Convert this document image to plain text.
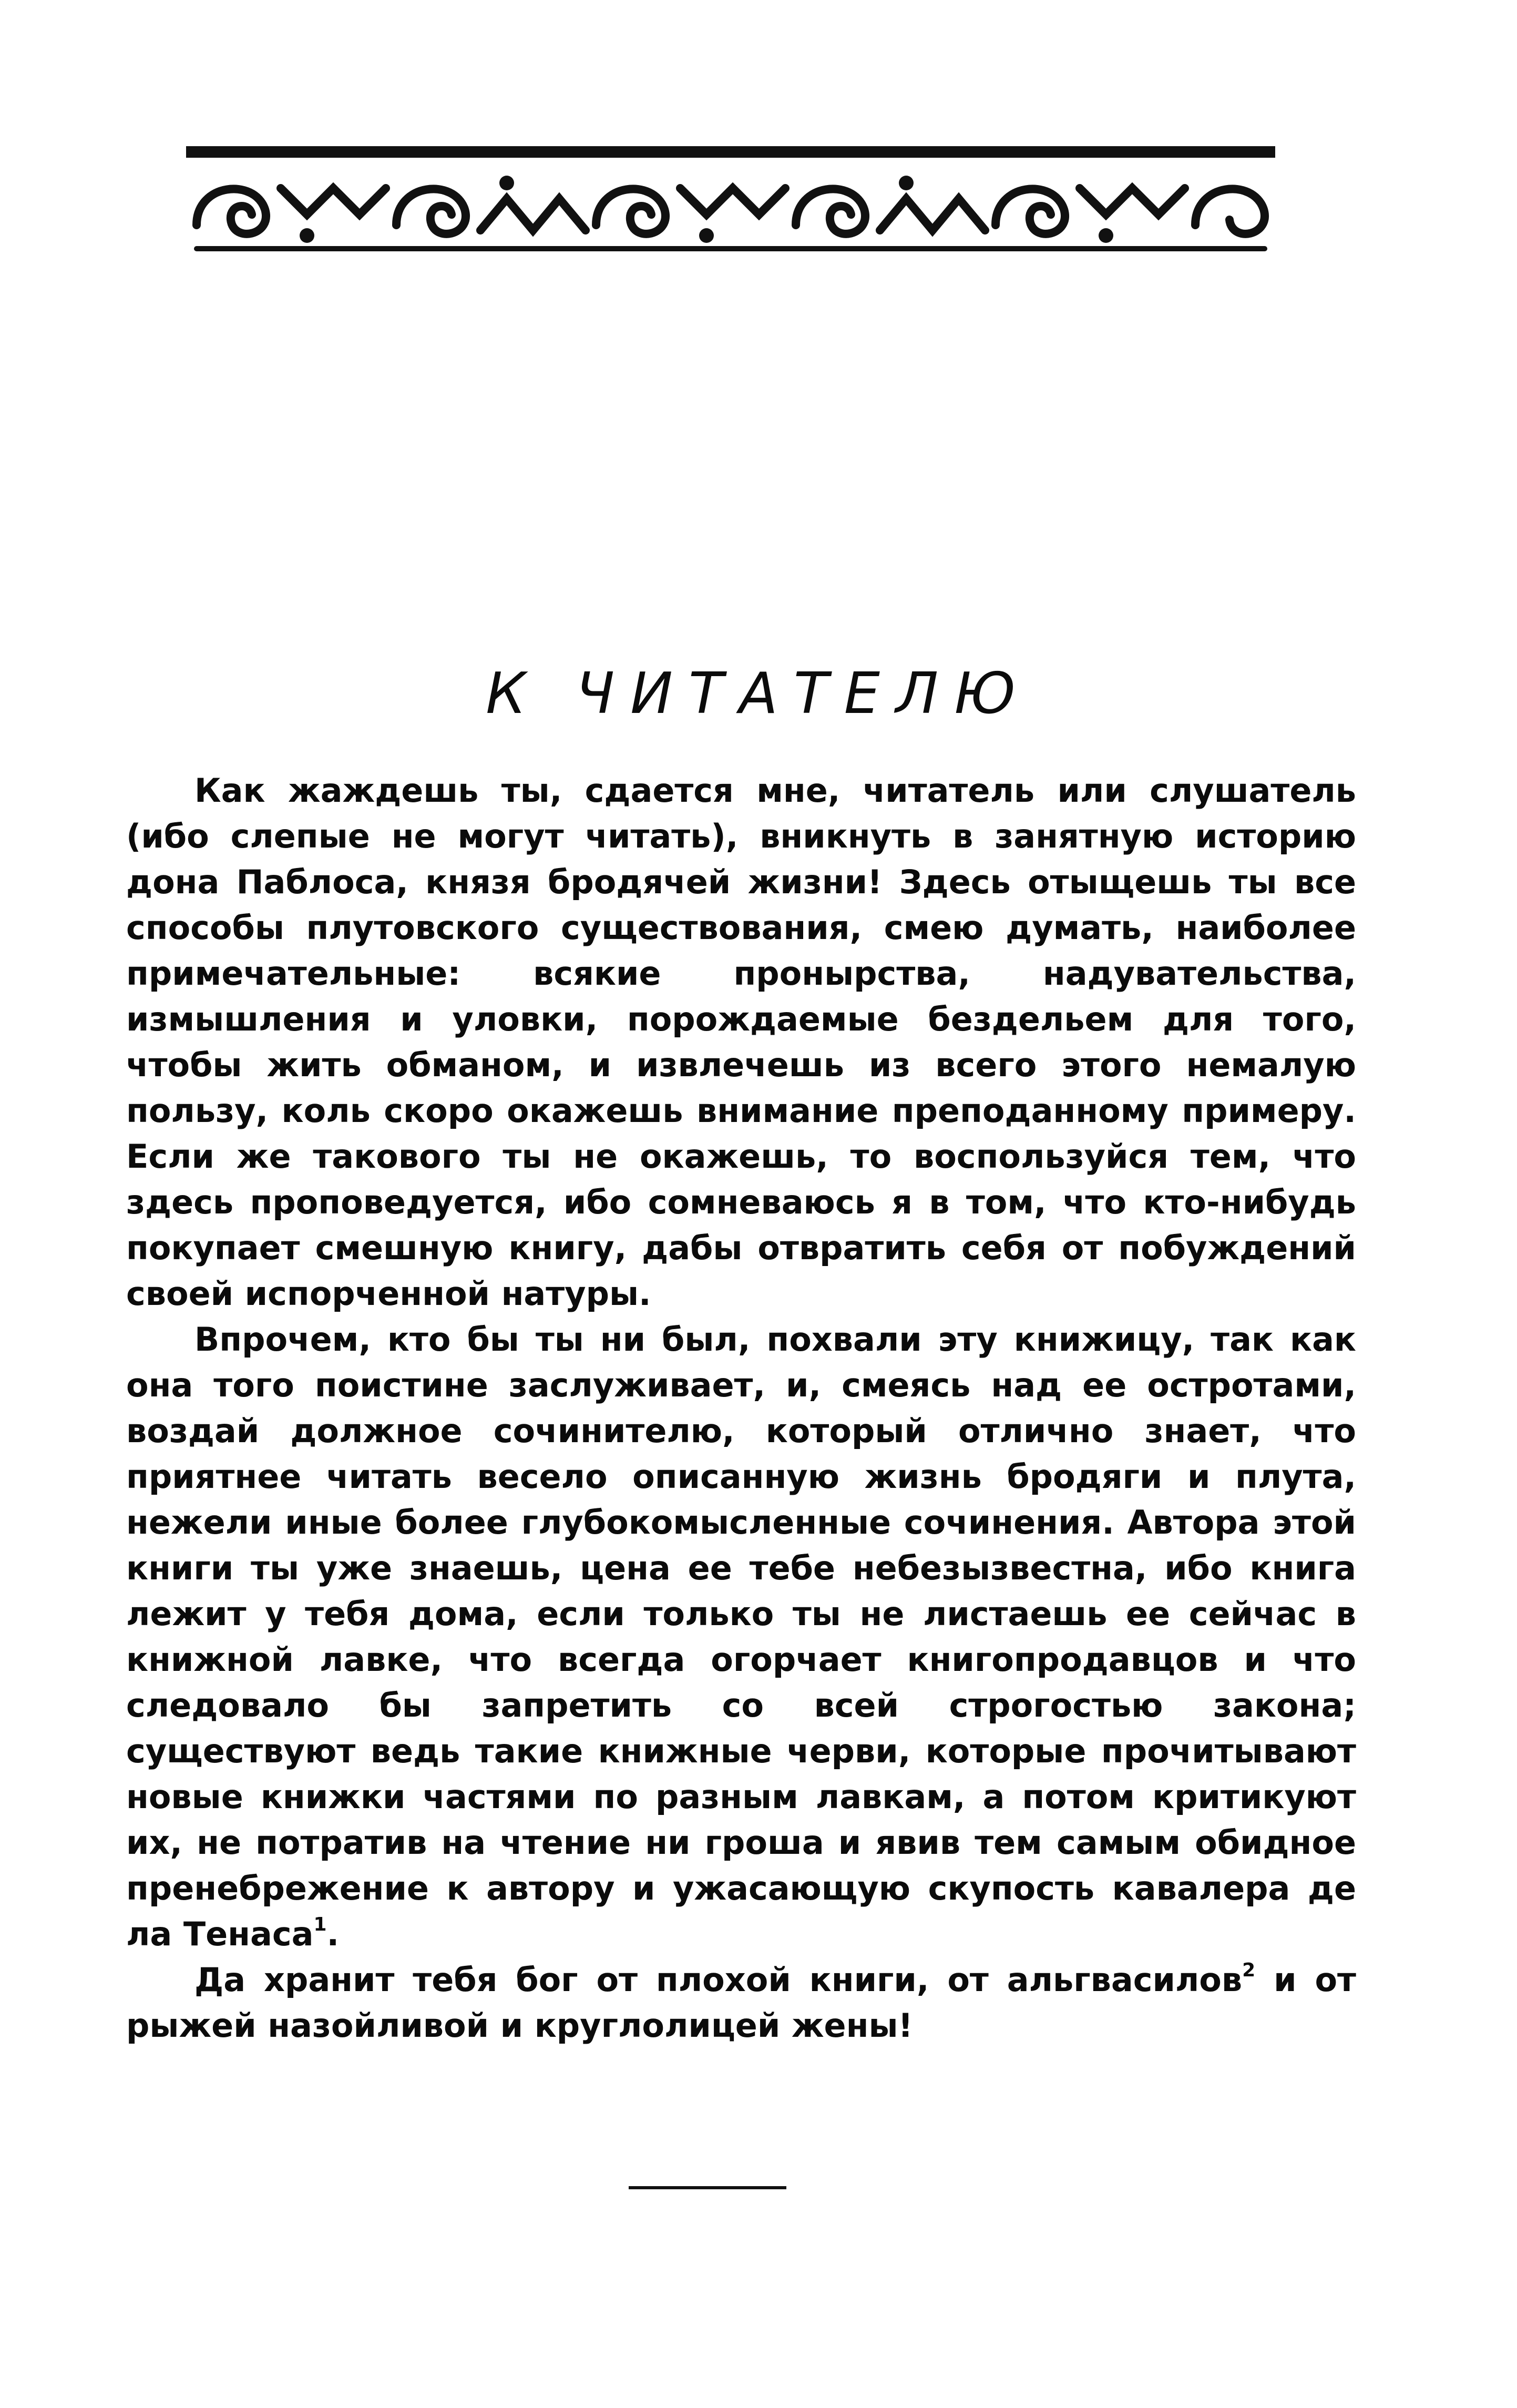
К ЧИТАТЕЛЮ

Как жаждешь ты, сдается мне, читатель или слушатель (ибо слепые не могут читать), вникнуть в занятную историю дона Паблоса, князя бродячей жизни! Здесь отыщешь ты все способы плутовского существования, смею думать, наиболее примечательные: всякие пронырства, надувательства, измышления и уловки, порождаемые бездельем для того, чтобы жить обманом, и извлечешь из всего этого немалую пользу, коль скоро окажешь внимание преподанному примеру. Если же такового ты не окажешь, то воспользуйся тем, что здесь проповедуется, ибо сомневаюсь я в том, что кто-нибудь покупает смешную книгу, дабы отвратить себя от побуждений своей испорченной натуры.

Впрочем, кто бы ты ни был, похвали эту книжицу, так как она того поистине заслуживает, и, смеясь над ее остротами, воздай должное сочинителю, который отлично знает, что приятнее читать весело описанную жизнь бродяги и плута, нежели иные более глубокомысленные сочинения. Автора этой книги ты уже знаешь, цена ее тебе небезызвестна, ибо книга лежит у тебя дома, если только ты не листаешь ее сейчас в книжной лавке, что всегда огорчает книгопродавцов и что следовало бы запретить со всей строгостью закона; существуют ведь такие книжные черви, которые прочитывают новые книжки частями по разным лавкам, а потом критикуют их, не потратив на чтение ни гроша и явив тем самым обидное пренебрежение к автору и ужасающую скупость кавалера де ла Тенаса$^1$.

Да хранит тебя бог от плохой книги, от альгвасилов$^2$ и от рыжей назойливой и круглолицей жены!
